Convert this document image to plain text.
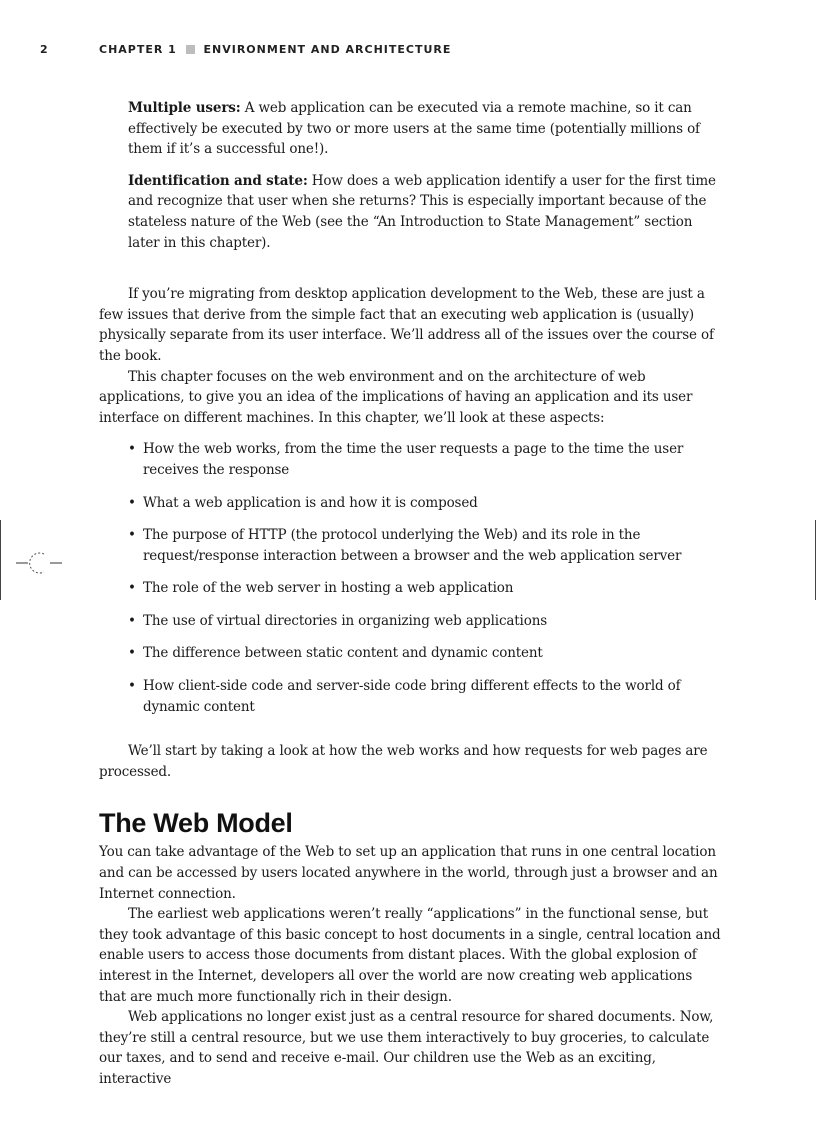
2	CHAPTER 1 ENVIRONMENT AND ARCHITECTURE

Multiple users: A web application can be executed via a remote machine, so it can effectively be executed by two or more users at the same time (potentially millions of them if it’s a successful one!).

Identification and state: How does a web application identify a user for the first time and recognize that user when she returns? This is especially important because of the stateless nature of the Web (see the “An Introduction to State Management” section later in this chapter).

If you’re migrating from desktop application development to the Web, these are just a few issues that derive from the simple fact that an executing web application is (usually) physically separate from its user interface. We’ll address all of the issues over the course of the book.

This chapter focuses on the web environment and on the architecture of web applications, to give you an idea of the implications of having an application and its user interface on different machines. In this chapter, we’ll look at these aspects:

• How the web works, from the time the user requests a page to the time the user receives the response
• What a web application is and how it is composed
• The purpose of HTTP (the protocol underlying the Web) and its role in the request/response interaction between a browser and the web application server
• The role of the web server in hosting a web application
• The use of virtual directories in organizing web applications
• The difference between static content and dynamic content
• How client-side code and server-side code bring different effects to the world of dynamic content

We’ll start by taking a look at how the web works and how requests for web pages are processed.

The Web Model

You can take advantage of the Web to set up an application that runs in one central location and can be accessed by users located anywhere in the world, through just a browser and an Internet connection.

The earliest web applications weren’t really “applications” in the functional sense, but they took advantage of this basic concept to host documents in a single, central location and enable users to access those documents from distant places. With the global explosion of interest in the Internet, developers all over the world are now creating web applications that are much more functionally rich in their design.

Web applications no longer exist just as a central resource for shared documents. Now, they’re still a central resource, but we use them interactively to buy groceries, to calculate our taxes, and to send and receive e-mail. Our children use the Web as an exciting, interactive
